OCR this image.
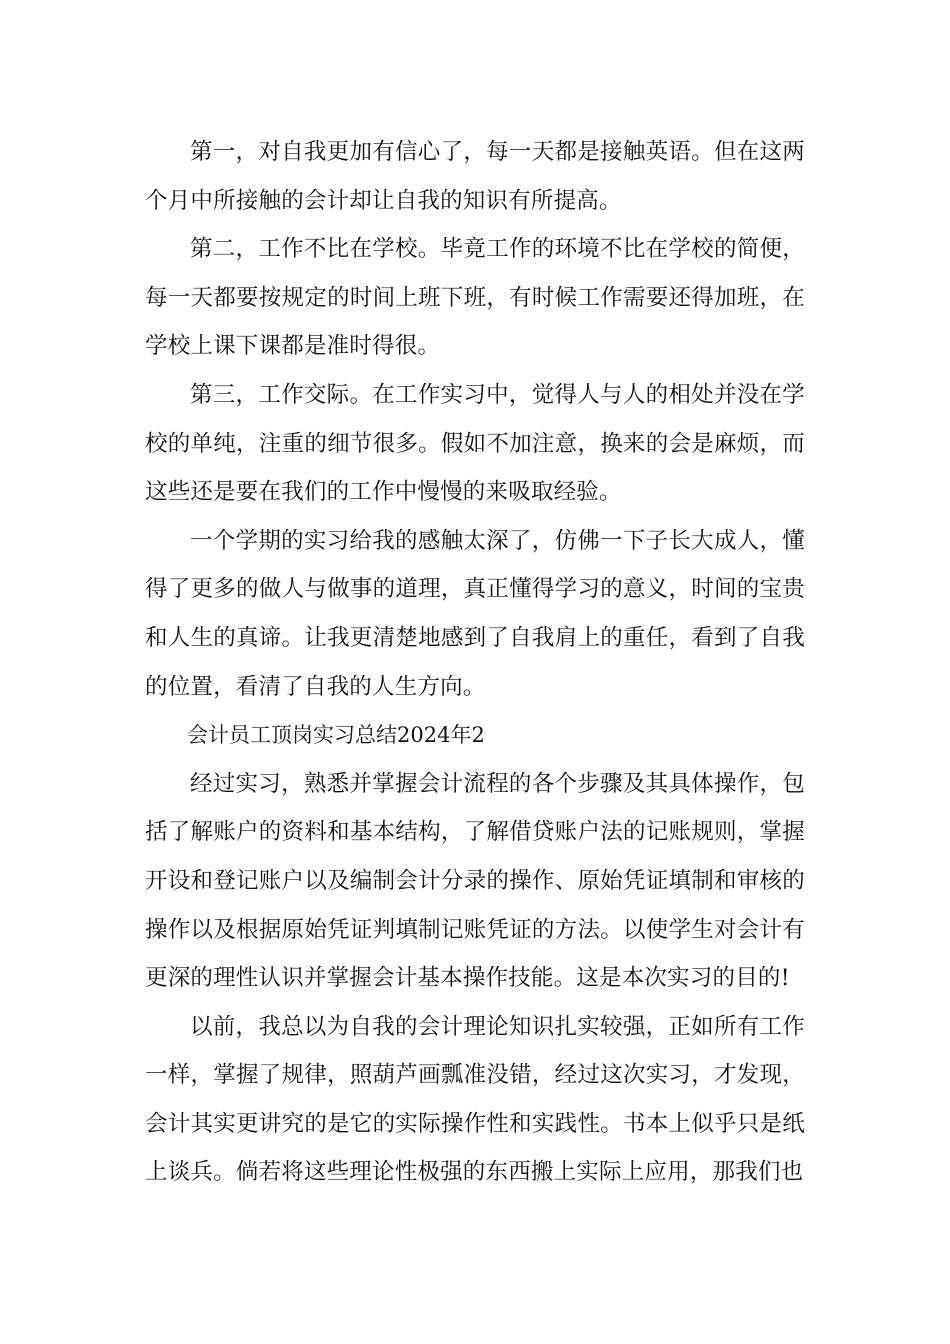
第一，对自我更加有信心了，每一天都是接触英语。但在这两个月中所接触的会计却让自我的知识有所提高。

第二，工作不比在学校。毕竟工作的环境不比在学校的简便，每一天都要按规定的时间上班下班，有时候工作需要还得加班，在学校上课下课都是准时得很。

第三，工作交际。在工作实习中，觉得人与人的相处并没在学校的单纯，注重的细节很多。假如不加注意，换来的会是麻烦，而这些还是要在我们的工作中慢慢的来吸取经验。

一个学期的实习给我的感触太深了，仿佛一下子长大成人，懂得了更多的做人与做事的道理，真正懂得学习的意义，时间的宝贵和人生的真谛。让我更清楚地感到了自我肩上的重任，看到了自我的位置，看清了自我的人生方向。

会计员工顶岗实习总结2024年2

经过实习，熟悉并掌握会计流程的各个步骤及其具体操作，包括了解账户的资料和基本结构，了解借贷账户法的记账规则，掌握开设和登记账户以及编制会计分录的操作、原始凭证填制和审核的操作以及根据原始凭证判填制记账凭证的方法。以使学生对会计有更深的理性认识并掌握会计基本操作技能。这是本次实习的目的!

以前，我总以为自我的会计理论知识扎实较强，正如所有工作一样，掌握了规律，照葫芦画瓢准没错，经过这次实习，才发现，会计其实更讲究的是它的实际操作性和实践性。书本上似乎只是纸上谈兵。倘若将这些理论性极强的东西搬上实际上应用，那我们也
